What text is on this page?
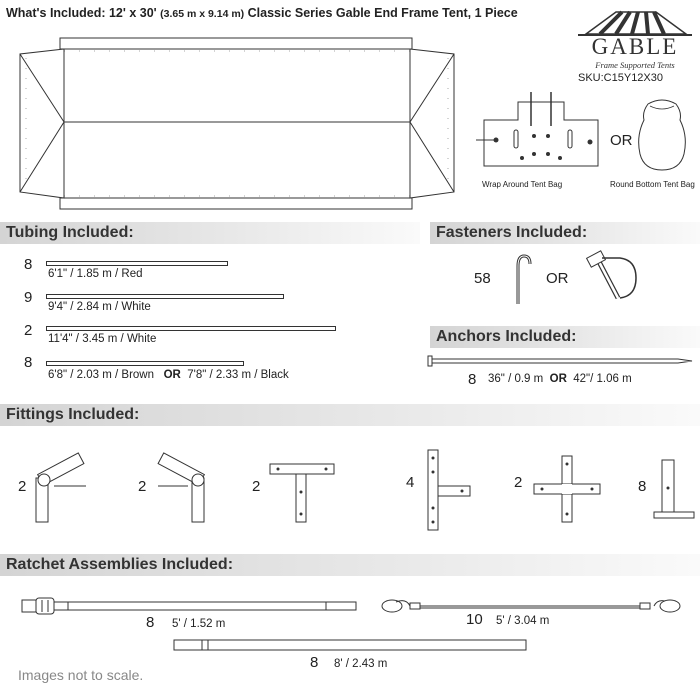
What's Included: 12' x 30' (3.65 m x 9.14 m) Classic Series Gable End Frame Tent, 1 Piece
GABLE
Frame Supported Tents
SKU:C15Y12X30
OR
Wrap Around Tent Bag	Round Bottom Tent Bag
Tubing Included:
8
6'1" / 1.85 m / Red
9
9'4" / 2.84 m / White
2 11'4" / 3.45 m / White
8
6'8" / 2.03 m / Brown OR 7'8" / 2.33 m / Black
Fasteners Included:
58	OR
Anchors Included:
8 36" / 0.9 m OR 42"/ 1.06 m
Fittings Included:
2	2	2	4	2	8
Ratchet Assemblies Included:
8 5' / 1.52 m	10 5' / 3.04 m
8 8' / 2.43 m
Images not to scale.
